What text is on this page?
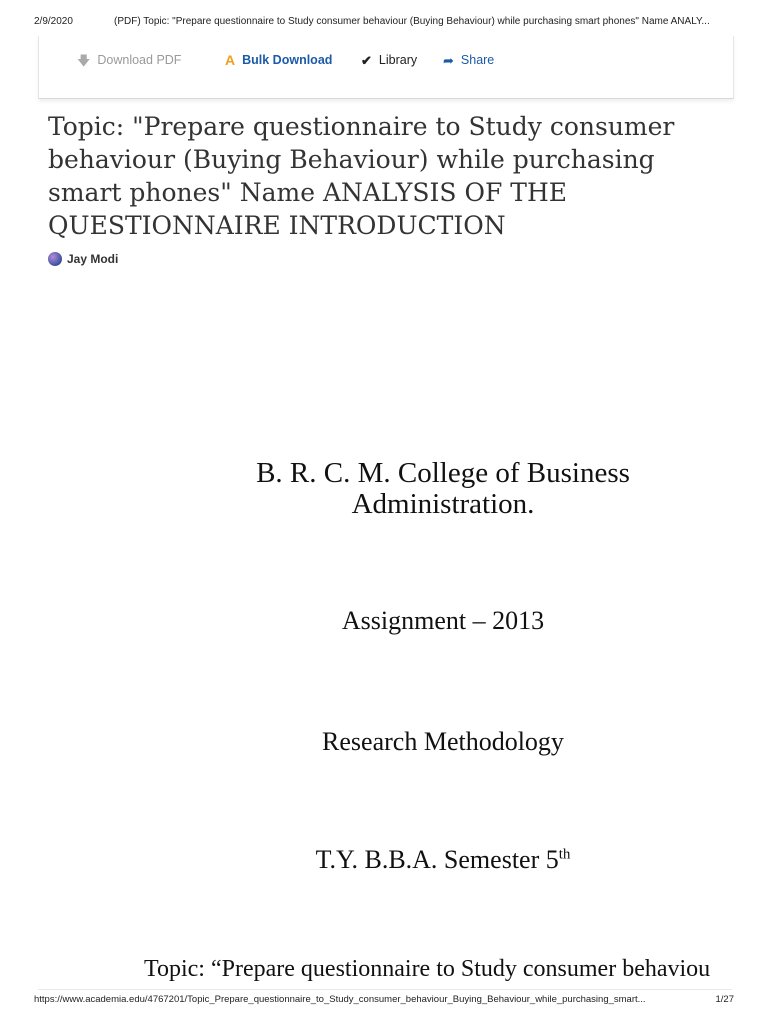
2/9/2020	(PDF) Topic: "Prepare questionnaire to Study consumer behaviour (Buying Behaviour) while purchasing smart phones" Name ANALY...
🡇 Download PDF	A Bulk Download ✔ Library ➦ Share
Topic: "Prepare questionnaire to Study consumer behaviour (Buying Behaviour) while purchasing smart phones" Name ANALYSIS OF THE QUESTIONNAIRE INTRODUCTION
Jay Modi
B. R. C. M. College of Business
Administration.
Assignment – 2013
Research Methodology
T.Y. B.B.A. Semester 5th
Topic: “Prepare questionnaire to Study consumer behaviou
https://www.academia.edu/4767201/Topic_Prepare_questionnaire_to_Study_consumer_behaviour_Buying_Behaviour_while_purchasing_smart...	1/27
